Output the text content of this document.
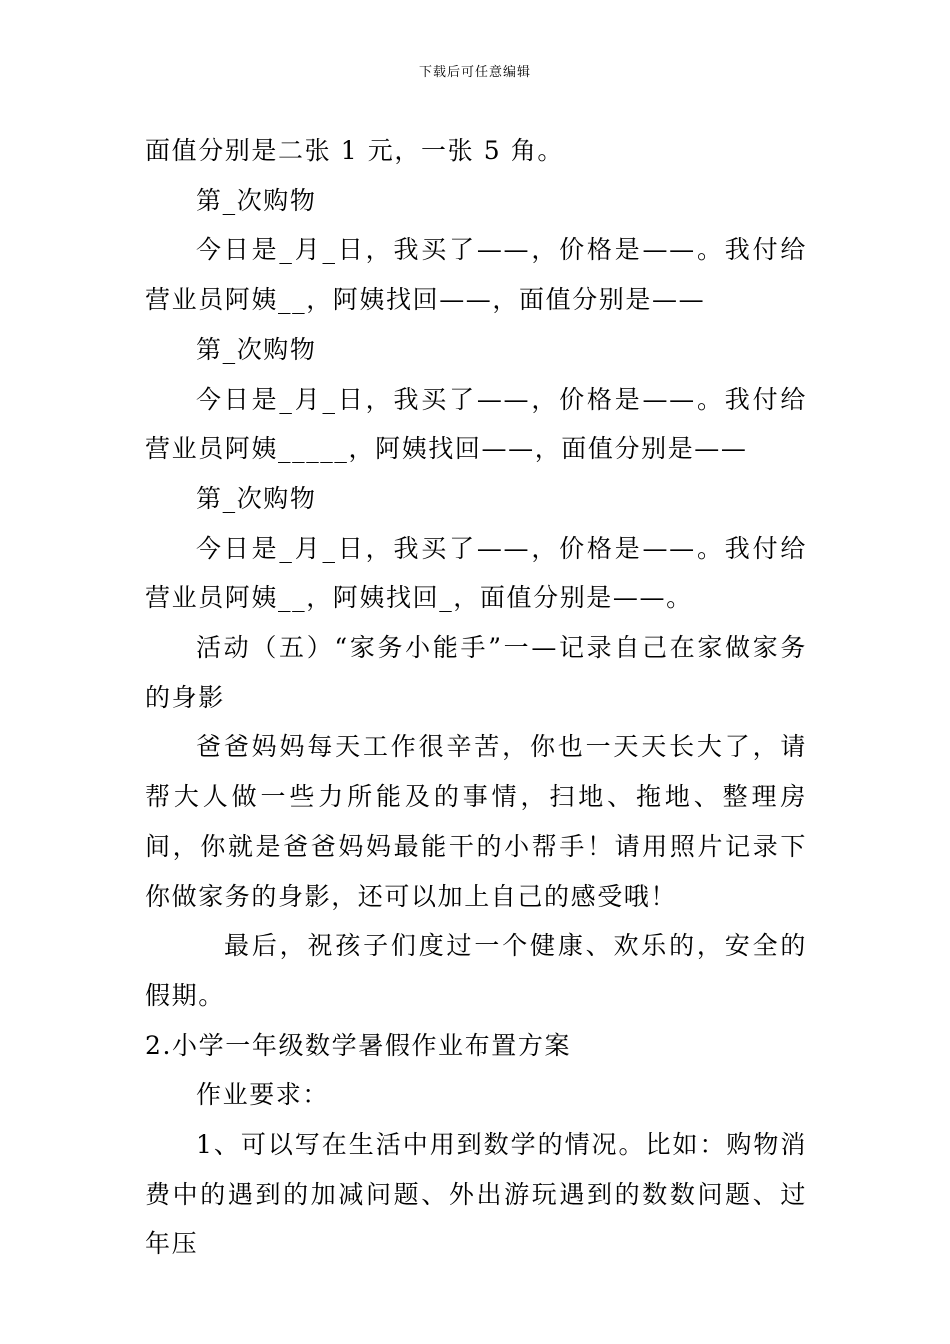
下载后可任意编辑

面值分别是二张 1 元，一张 5 角。

第_次购物

今日是_月_日，我买了——，价格是——。我付给营业员阿姨__，阿姨找回——，面值分别是——

第_次购物

今日是_月_日，我买了——，价格是——。我付给营业员阿姨_____，阿姨找回——，面值分别是——

第_次购物

今日是_月_日，我买了——，价格是——。我付给营业员阿姨__，阿姨找回_，面值分别是——。

活动（五）“家务小能手”一—记录自己在家做家务的身影

爸爸妈妈每天工作很辛苦，你也一天天长大了，请帮大人做一些力所能及的事情，扫地、拖地、整理房间，你就是爸爸妈妈最能干的小帮手！请用照片记录下你做家务的身影，还可以加上自己的感受哦！

最后，祝孩子们度过一个健康、欢乐的，安全的假期。

2.小学一年级数学暑假作业布置方案

作业要求：

1、可以写在生活中用到数学的情况。比如：购物消费中的遇到的加减问题、外出游玩遇到的数数问题、过年压
